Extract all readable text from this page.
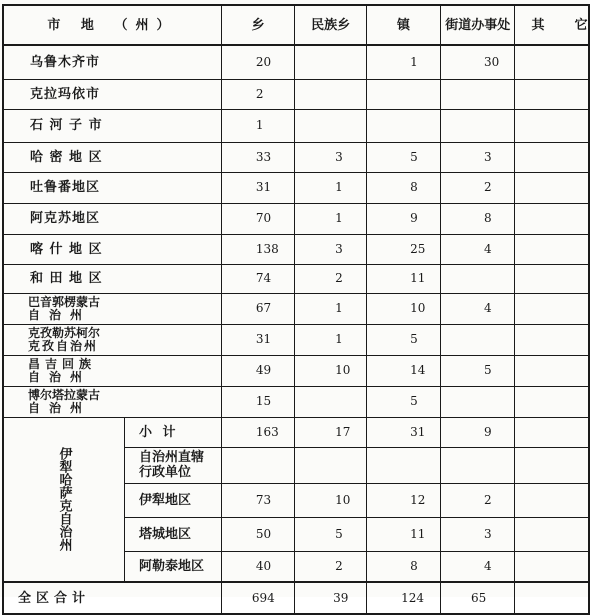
市 地 （州）		乡	民族乡	镇	街道办事处	其 它
乌鲁木齐市		20		1	30	
克拉玛依市		2				
石 河 子 市		1				
哈 密 地 区		33	3	5	3	
吐鲁番地区		31	1	8	2	
阿克苏地区		70	1	9	8	
喀 什 地 区		138	3	25	4	
和 田 地 区		74	2	11		
巴音郭楞蒙古
自治州		67	1	10	4	
克孜勒苏柯尔
克孜自治州		31	1	5		
昌吉回族
自治州		49	10	14	5	
博尔塔拉蒙古
自治州		15		5		
伊犁哈萨克自治州	小 计	163	17	31	9	

	自治州直辖
行政单位					

	伊犁地区	73	10	12	2	
	塔城地区	50	5	11	3	
	阿勒泰地区	40	2	8	4	
全区合计		694	39	124	65	
